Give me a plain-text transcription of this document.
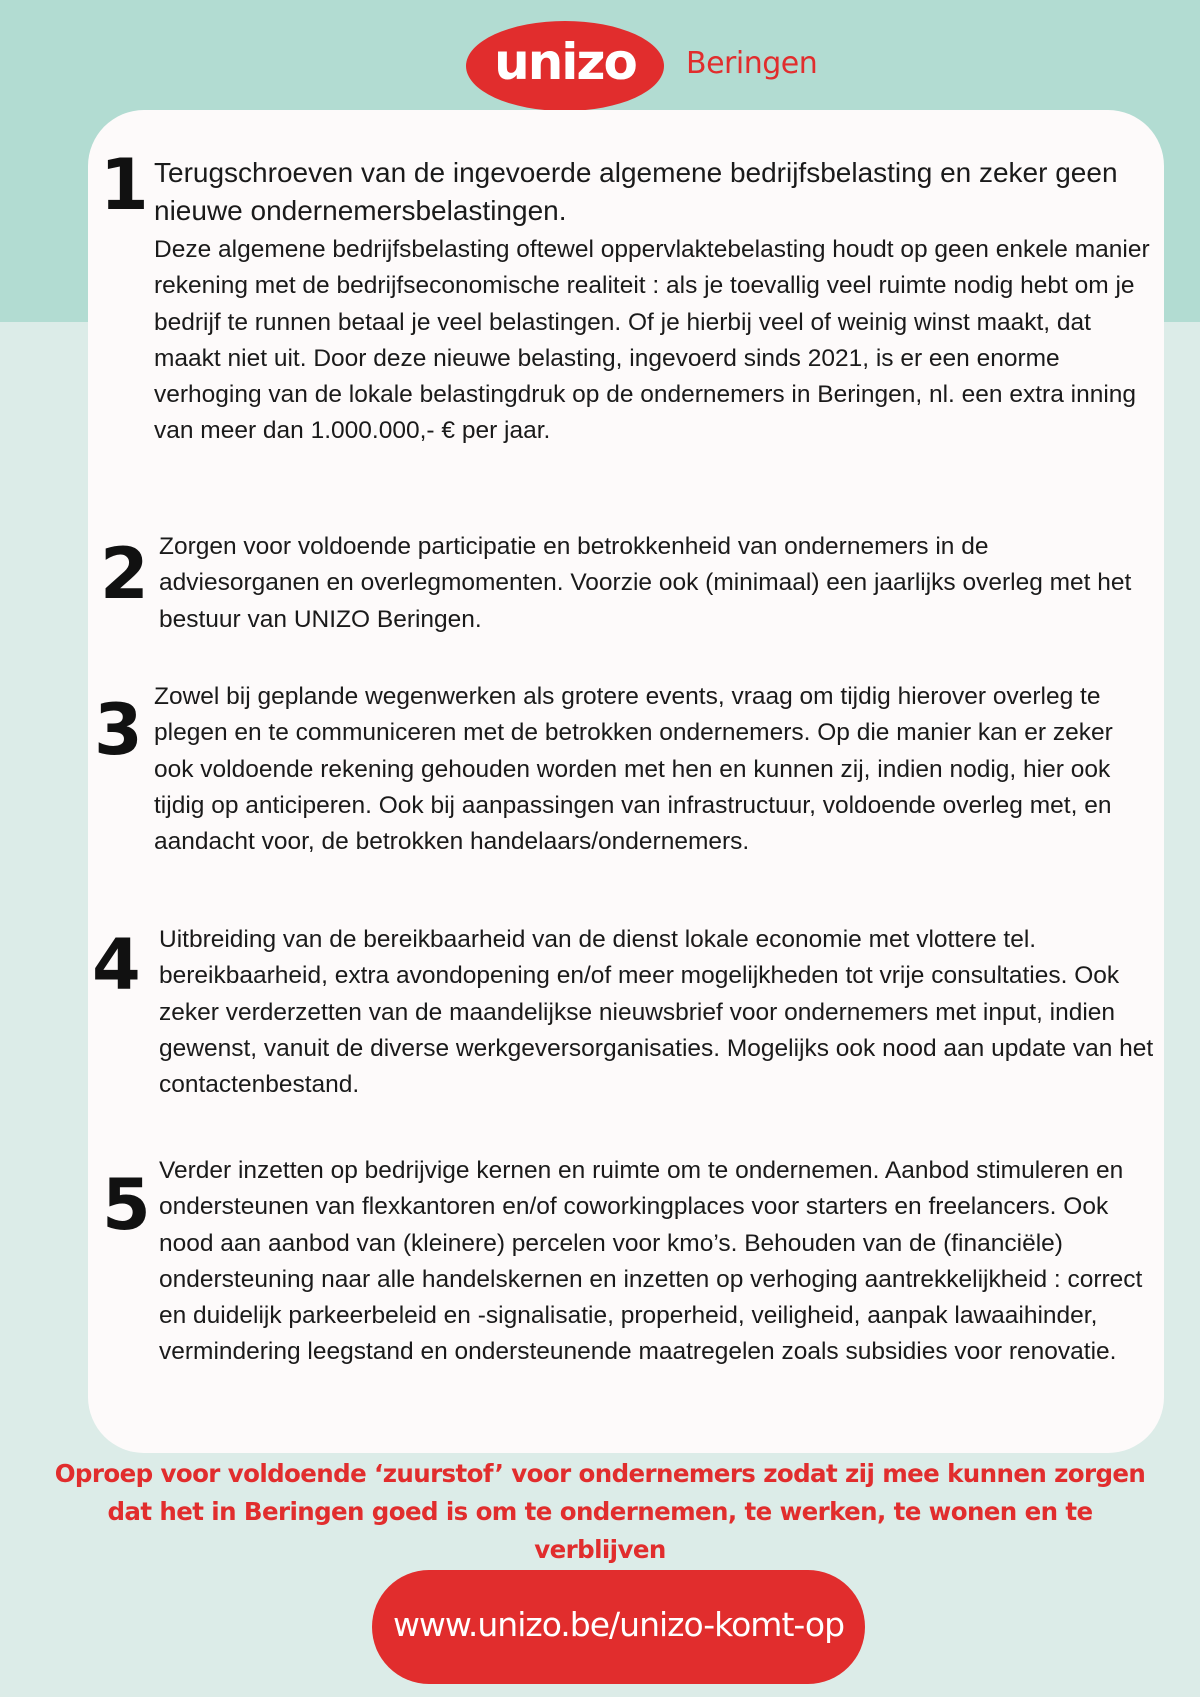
unizo Beringen
1 Terugschroeven van de ingevoerde algemene bedrijfsbelasting en zeker geen nieuwe ondernemersbelastingen.

Deze algemene bedrijfsbelasting oftewel oppervlaktebelasting houdt op geen enkele manier rekening met de bedrijfseconomische realiteit : als je toevallig veel ruimte nodig hebt om je bedrijf te runnen betaal je veel belastingen. Of je hierbij veel of weinig winst maakt, dat maakt niet uit. Door deze nieuwe belasting, ingevoerd sinds 2021, is er een enorme verhoging van de lokale belastingdruk op de ondernemers in Beringen, nl. een extra inning van meer dan 1.000.000,- € per jaar.

2 Zorgen voor voldoende participatie en betrokkenheid van ondernemers in de adviesorganen en overlegmomenten. Voorzie ook (minimaal) een jaarlijks overleg met het bestuur van UNIZO Beringen.

3 Zowel bij geplande wegenwerken als grotere events, vraag om tijdig hierover overleg te plegen en te communiceren met de betrokken ondernemers. Op die manier kan er zeker ook voldoende rekening gehouden worden met hen en kunnen zij, indien nodig, hier ook tijdig op anticiperen. Ook bij aanpassingen van infrastructuur, voldoende overleg met, en aandacht voor, de betrokken handelaars/ondernemers.

4 Uitbreiding van de bereikbaarheid van de dienst lokale economie met vlottere tel. bereikbaarheid, extra avondopening en/of meer mogelijkheden tot vrije consultaties. Ook zeker verderzetten van de maandelijkse nieuwsbrief voor ondernemers met input, indien gewenst, vanuit de diverse werkgeversorganisaties. Mogelijks ook nood aan update van het contactenbestand.

5 Verder inzetten op bedrijvige kernen en ruimte om te ondernemen. Aanbod stimuleren en ondersteunen van flexkantoren en/of coworkingplaces voor starters en freelancers. Ook nood aan aanbod van (kleinere) percelen voor kmo’s. Behouden van de (financiële) ondersteuning naar alle handelskernen en inzetten op verhoging aantrekkelijkheid : correct en duidelijk parkeerbeleid en -signalisatie, properheid, veiligheid, aanpak lawaaihinder, vermindering leegstand en ondersteunende maatregelen zoals subsidies voor renovatie.

Oproep voor voldoende ‘zuurstof’ voor ondernemers zodat zij mee kunnen zorgen dat het in Beringen goed is om te ondernemen, te werken, te wonen en te verblijven

www.unizo.be/unizo-komt-op
